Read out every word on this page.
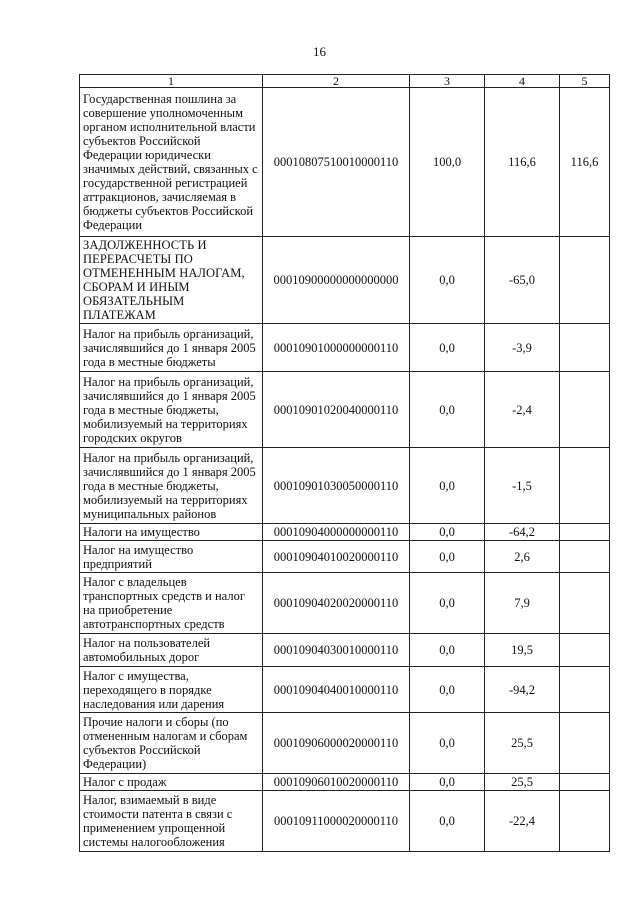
16
1	2	3	4	5
Государственная пошлина за совершение уполномоченным органом исполнительной власти субъектов Российской Федерации юридически значимых действий, связанных с государственной регистрацией аттракционов, зачисляемая в бюджеты субъектов Российской Федерации	00010807510010000110	100,0	116,6	116,6
ЗАДОЛЖЕННОСТЬ И ПЕРЕРАСЧЕТЫ ПО ОТМЕНЕННЫМ НАЛОГАМ, СБОРАМ И ИНЫМ ОБЯЗАТЕЛЬНЫМ ПЛАТЕЖАМ	00010900000000000000	0,0	-65,0	
Налог на прибыль организаций, зачислявшийся до 1 января 2005 года в местные бюджеты	00010901000000000110	0,0	-3,9	
Налог на прибыль организаций, зачислявшийся до 1 января 2005 года в местные бюджеты, мобилизуемый на территориях городских округов	00010901020040000110	0,0	-2,4	
Налог на прибыль организаций, зачислявшийся до 1 января 2005 года в местные бюджеты, мобилизуемый на территориях муниципальных районов	00010901030050000110	0,0	-1,5	
Налоги на имущество	00010904000000000110	0,0	-64,2	
Налог на имущество предприятий	00010904010020000110	0,0	2,6	
Налог с владельцев транспортных средств и налог на приобретение автотранспортных средств	00010904020020000110	0,0	7,9	
Налог на пользователей автомобильных дорог	00010904030010000110	0,0	19,5	
Налог с имущества, переходящего в порядке наследования или дарения	00010904040010000110	0,0	-94,2	
Прочие налоги и сборы (по отмененным налогам и сборам субъектов Российской Федерации)	00010906000020000110	0,0	25,5	
Налог с продаж	00010906010020000110	0,0	25,5	
Налог, взимаемый в виде стоимости патента в связи с применением упрощенной системы налогообложения	00010911000020000110	0,0	-22,4	
